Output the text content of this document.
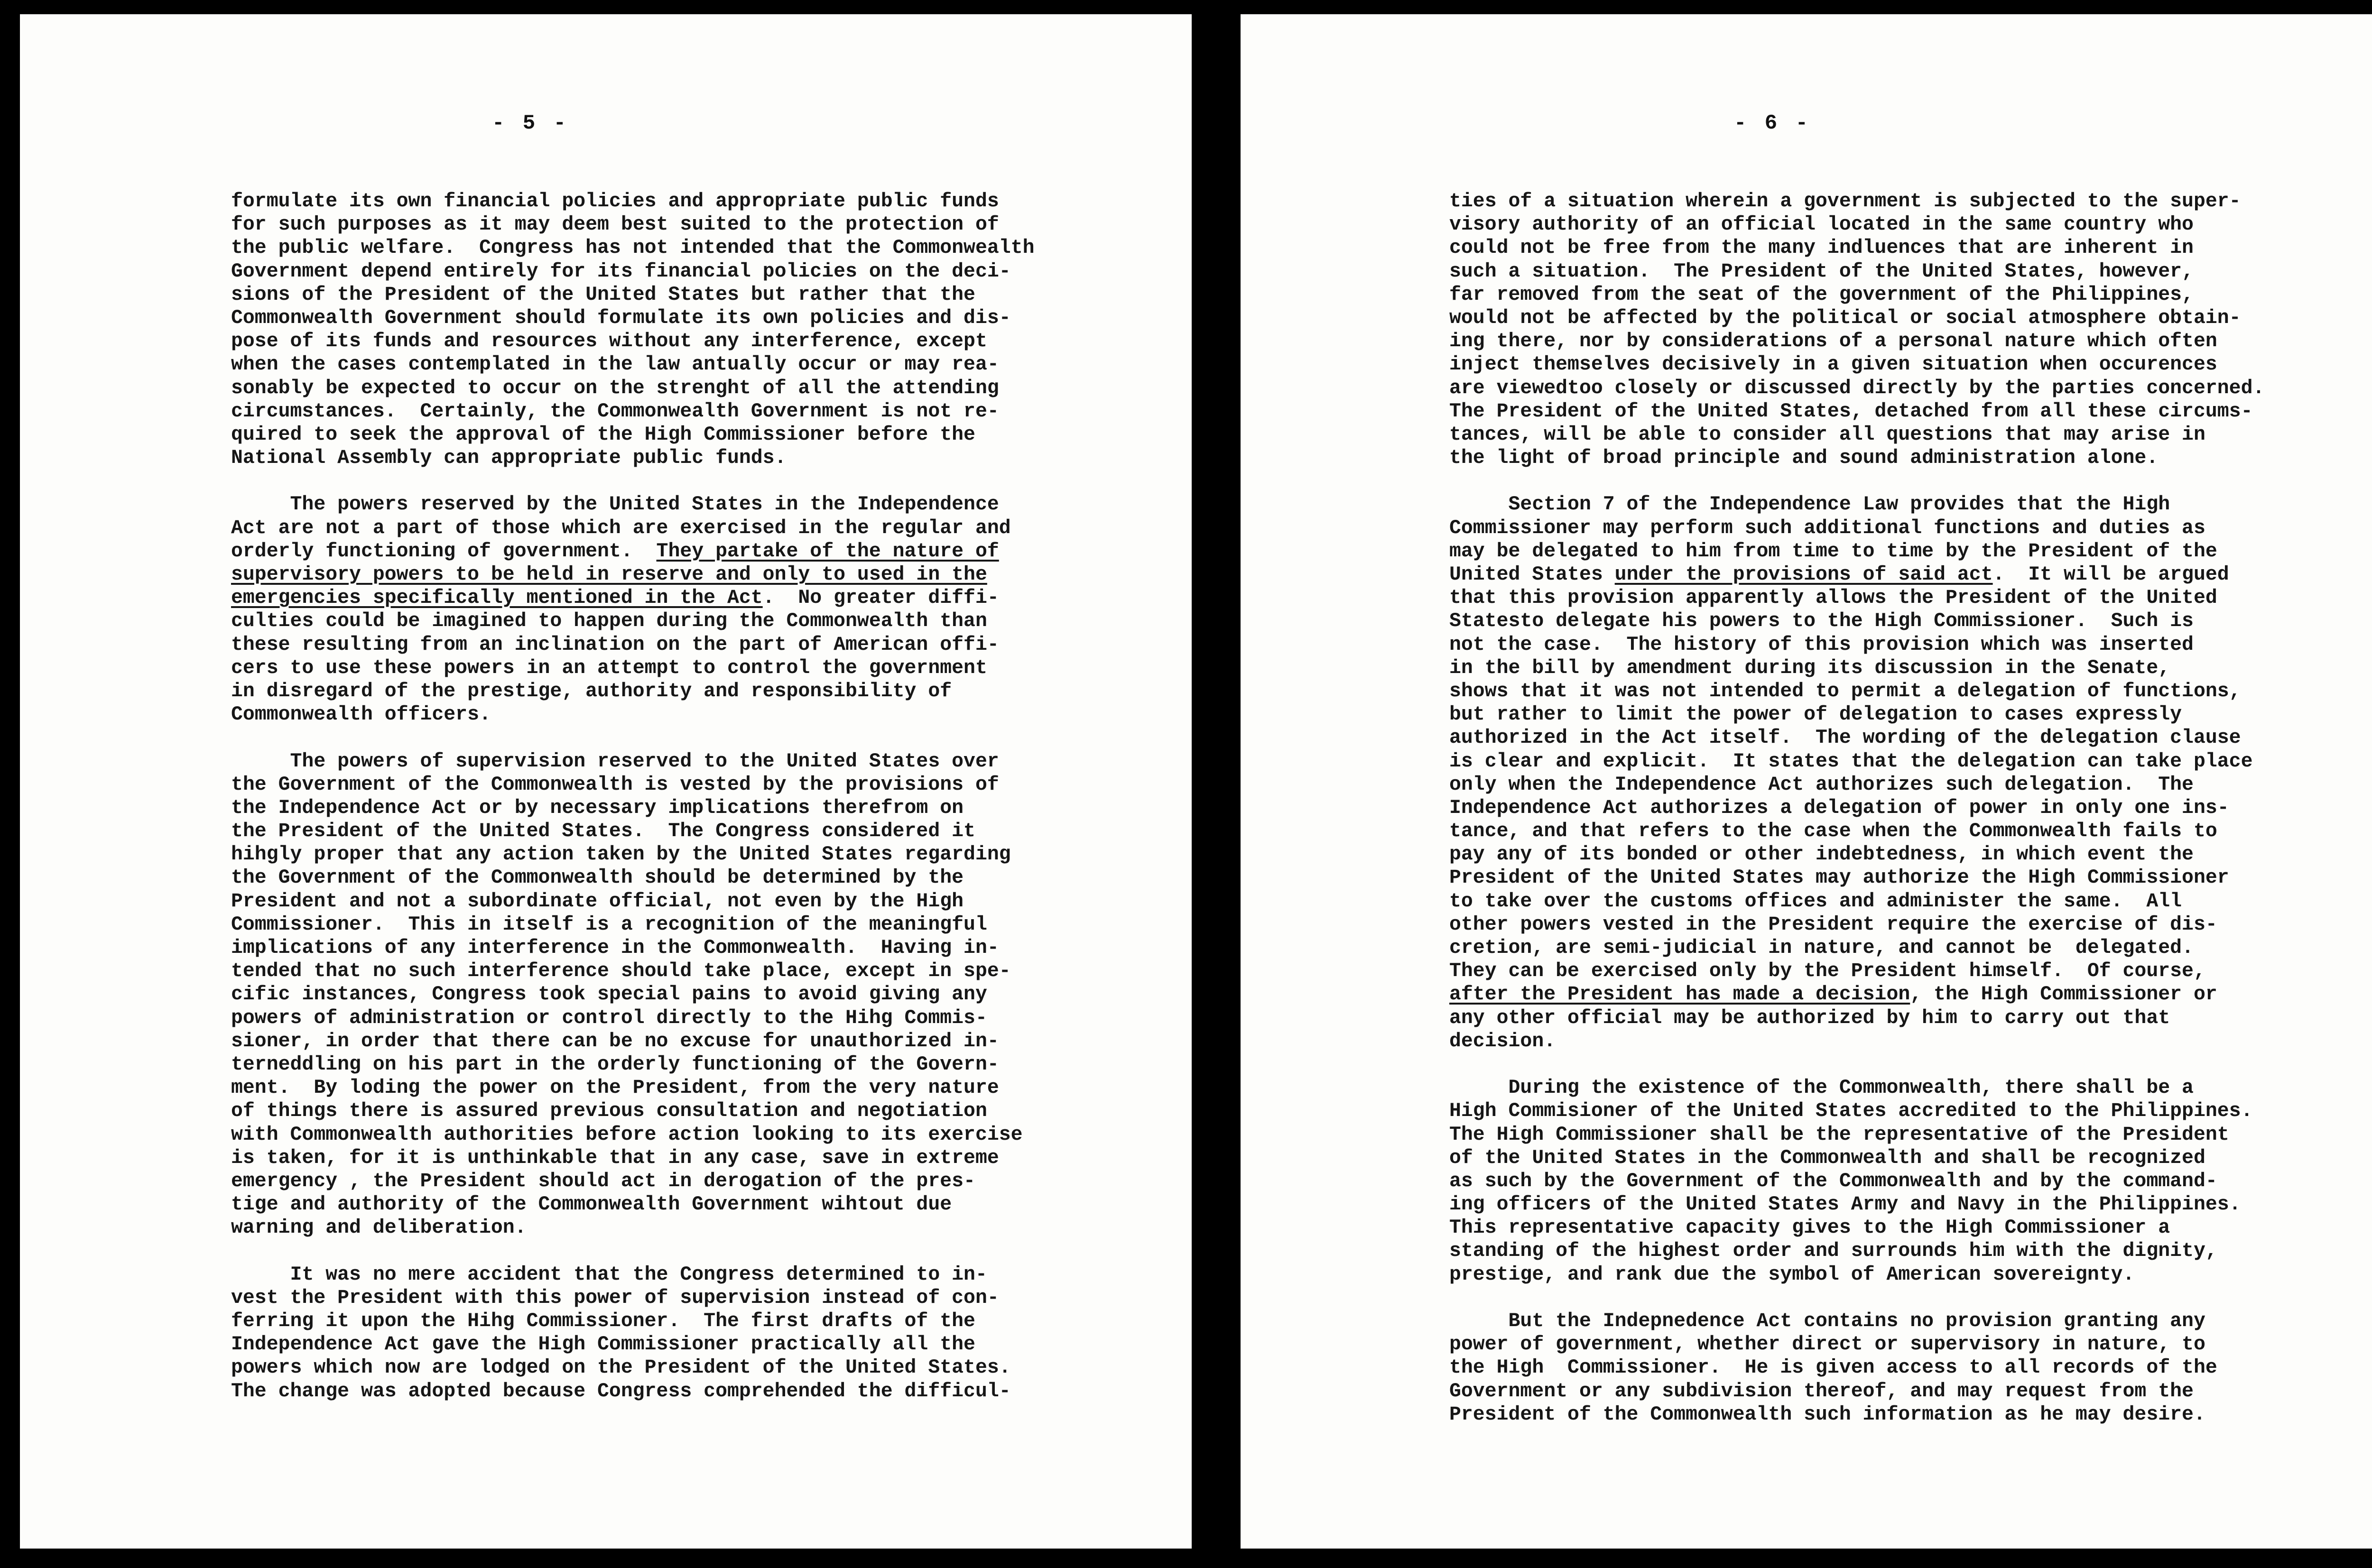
- 5 -
formulate its own financial policies and appropriate public funds
for such purposes as it may deem best suited to the protection of
the public welfare.  Congress has not intended that the Commonwealth
Government depend entirely for its financial policies on the deci-
sions of the President of the United States but rather that the
Commonwealth Government should formulate its own policies and dis-
pose of its funds and resources without any interference, except
when the cases contemplated in the law antually occur or may rea-
sonably be expected to occur on the strenght of all the attending
circumstances.  Certainly, the Commonwealth Government is not re-
quired to seek the approval of the High Commissioner before the
National Assembly can appropriate public funds.
The powers reserved by the United States in the Independence
Act are not a part of those which are exercised in the regular and
orderly functioning of government.  They partake of the nature of
supervisory powers to be held in reserve and only to used in the
emergencies specifically mentioned in the Act.  No greater diffi-
culties could be imagined to happen during the Commonwealth than
these resulting from an inclination on the part of American offi-
cers to use these powers in an attempt to control the government
in disregard of the prestige, authority and responsibility of
Commonwealth officers.
The powers of supervision reserved to the United States over
the Government of the Commonwealth is vested by the provisions of
the Independence Act or by necessary implications therefrom on
the President of the United States.  The Congress considered it
hihgly proper that any action taken by the United States regarding
the Government of the Commonwealth should be determined by the
President and not a subordinate official, not even by the High
Commissioner.  This in itself is a recognition of the meaningful
implications of any interference in the Commonwealth.  Having in-
tended that no such interference should take place, except in spe-
cific instances, Congress took special pains to avoid giving any
powers of administration or control directly to the Hihg Commis-
sioner, in order that there can be no excuse for unauthorized in-
terneddling on his part in the orderly functioning of the Govern-
ment.  By loding the power on the President, from the very nature
of things there is assured previous consultation and negotiation
with Commonwealth authorities before action looking to its exercise
is taken, for it is unthinkable that in any case, save in extreme
emergency , the President should act in derogation of the pres-
tige and authority of the Commonwealth Government wihtout due
warning and deliberation.
It was no mere accident that the Congress determined to in-
vest the President with this power of supervision instead of con-
ferring it upon the Hihg Commissioner.  The first drafts of the
Independence Act gave the High Commissioner practically all the
powers which now are lodged on the President of the United States.
The change was adopted because Congress comprehended the difficul-
- 6 -
ties of a situation wherein a government is subjected to the super-
visory authority of an official located in the same country who
could not be free from the many indluences that are inherent in
such a situation.  The President of the United States, however,
far removed from the seat of the government of the Philippines,
would not be affected by the political or social atmosphere obtain-
ing there, nor by considerations of a personal nature which often
inject themselves decisively in a given situation when occurences
are viewedtoo closely or discussed directly by the parties concerned.
The President of the United States, detached from all these circums-
tances, will be able to consider all questions that may arise in
the light of broad principle and sound administration alone.
Section 7 of the Independence Law provides that the High
Commissioner may perform such additional functions and duties as
may be delegated to him from time to time by the President of the
United States under the provisions of said act.  It will be argued
that this provision apparently allows the President of the United
Statesto delegate his powers to the High Commissioner.  Such is
not the case.  The history of this provision which was inserted
in the bill by amendment during its discussion in the Senate,
shows that it was not intended to permit a delegation of functions,
but rather to limit the power of delegation to cases expressly
authorized in the Act itself.  The wording of the delegation clause
is clear and explicit.  It states that the delegation can take place
only when the Independence Act authorizes such delegation.  The
Independence Act authorizes a delegation of power in only one ins-
tance, and that refers to the case when the Commonwealth fails to
pay any of its bonded or other indebtedness, in which event the
President of the United States may authorize the High Commissioner
to take over the customs offices and administer the same.  All
other powers vested in the President require the exercise of dis-
cretion, are semi-judicial in nature, and cannot be  delegated.
They can be exercised only by the President himself.  Of course,
after the President has made a decision, the High Commissioner or
any other official may be authorized by him to carry out that
decision.
During the existence of the Commonwealth, there shall be a
High Commisioner of the United States accredited to the Philippines.
The High Commissioner shall be the representative of the President
of the United States in the Commonwealth and shall be recognized
as such by the Government of the Commonwealth and by the command-
ing officers of the United States Army and Navy in the Philippines.
This representative capacity gives to the High Commissioner a
standing of the highest order and surrounds him with the dignity,
prestige, and rank due the symbol of American sovereignty.
But the Indepnedence Act contains no provision granting any
power of government, whether direct or supervisory in nature, to
the High  Commissioner.  He is given access to all records of the
Government or any subdivision thereof, and may request from the
President of the Commonwealth such information as he may desire.
